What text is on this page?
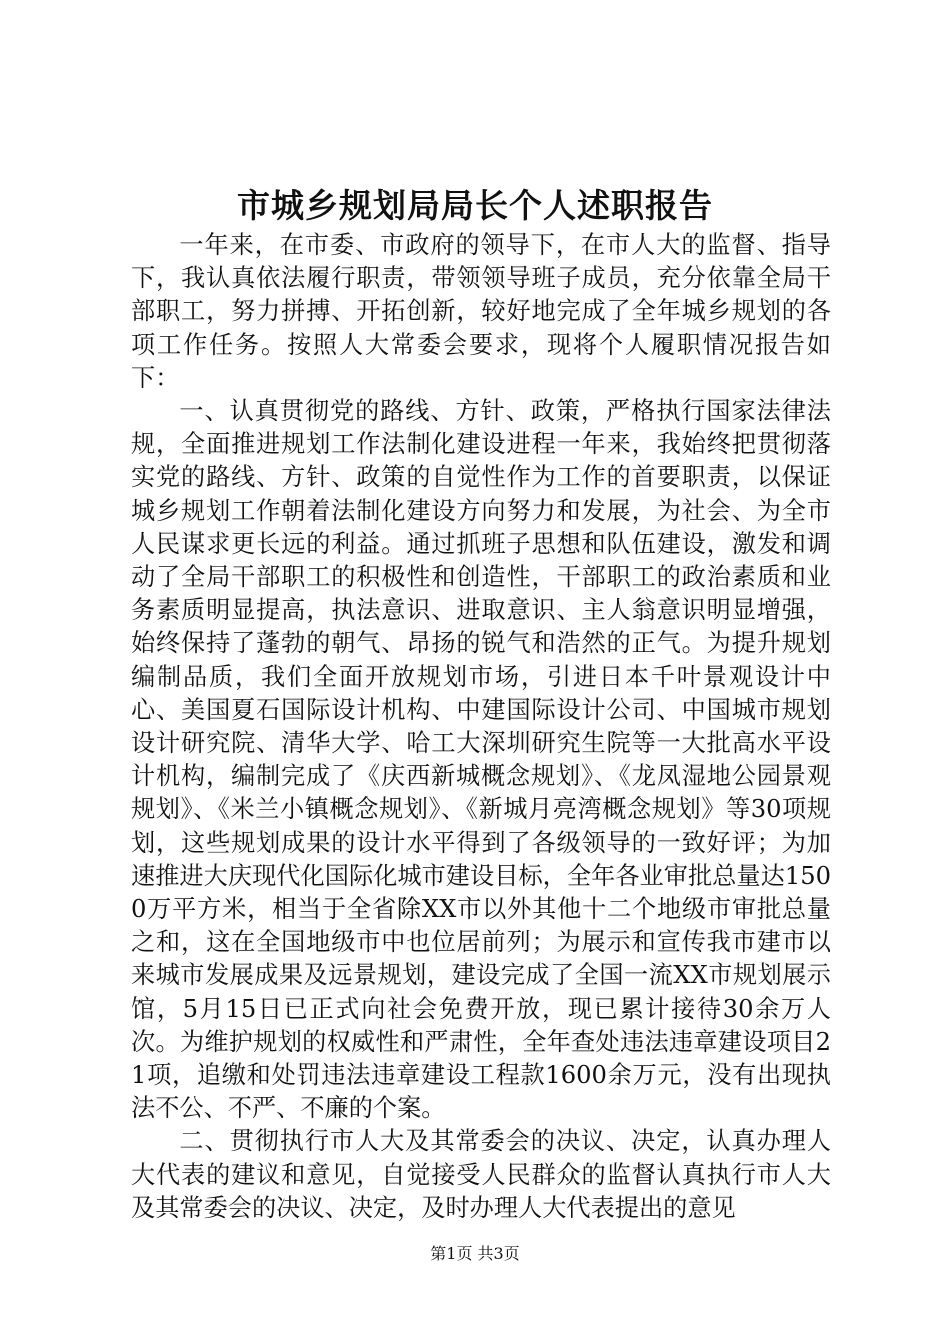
市城乡规划局局长个人述职报告

一年来，在市委、市政府的领导下，在市人大的监督、指导下，我认真依法履行职责，带领领导班子成员，充分依靠全局干部职工，努力拼搏、开拓创新，较好地完成了全年城乡规划的各项工作任务。按照人大常委会要求，现将个人履职情况报告如下：

一、认真贯彻党的路线、方针、政策，严格执行国家法律法规，全面推进规划工作法制化建设进程一年来，我始终把贯彻落实党的路线、方针、政策的自觉性作为工作的首要职责，以保证城乡规划工作朝着法制化建设方向努力和发展，为社会、为全市人民谋求更长远的利益。通过抓班子思想和队伍建设，激发和调动了全局干部职工的积极性和创造性，干部职工的政治素质和业务素质明显提高，执法意识、进取意识、主人翁意识明显增强，始终保持了蓬勃的朝气、昂扬的锐气和浩然的正气。为提升规划编制品质，我们全面开放规划市场，引进日本千叶景观设计中心、美国夏石国际设计机构、中建国际设计公司、中国城市规划设计研究院、清华大学、哈工大深圳研究生院等一大批高水平设计机构，编制完成了《庆西新城概念规划》、《龙凤湿地公园景观规划》、《米兰小镇概念规划》、《新城月亮湾概念规划》等30项规划，这些规划成果的设计水平得到了各级领导的一致好评；为加速推进大庆现代化国际化城市建设目标，全年各业审批总量达1500万平方米，相当于全省除XX市以外其他十二个地级市审批总量之和，这在全国地级市中也位居前列；为展示和宣传我市建市以来城市发展成果及远景规划，建设完成了全国一流XX市规划展示馆，5月15日已正式向社会免费开放，现已累计接待30余万人次。为维护规划的权威性和严肃性，全年查处违法违章建设项目21项，追缴和处罚违法违章建设工程款1600余万元，没有出现执法不公、不严、不廉的个案。

二、贯彻执行市人大及其常委会的决议、决定，认真办理人大代表的建议和意见，自觉接受人民群众的监督认真执行市人大及其常委会的决议、决定，及时办理人大代表提出的意见

第1页 共3页
